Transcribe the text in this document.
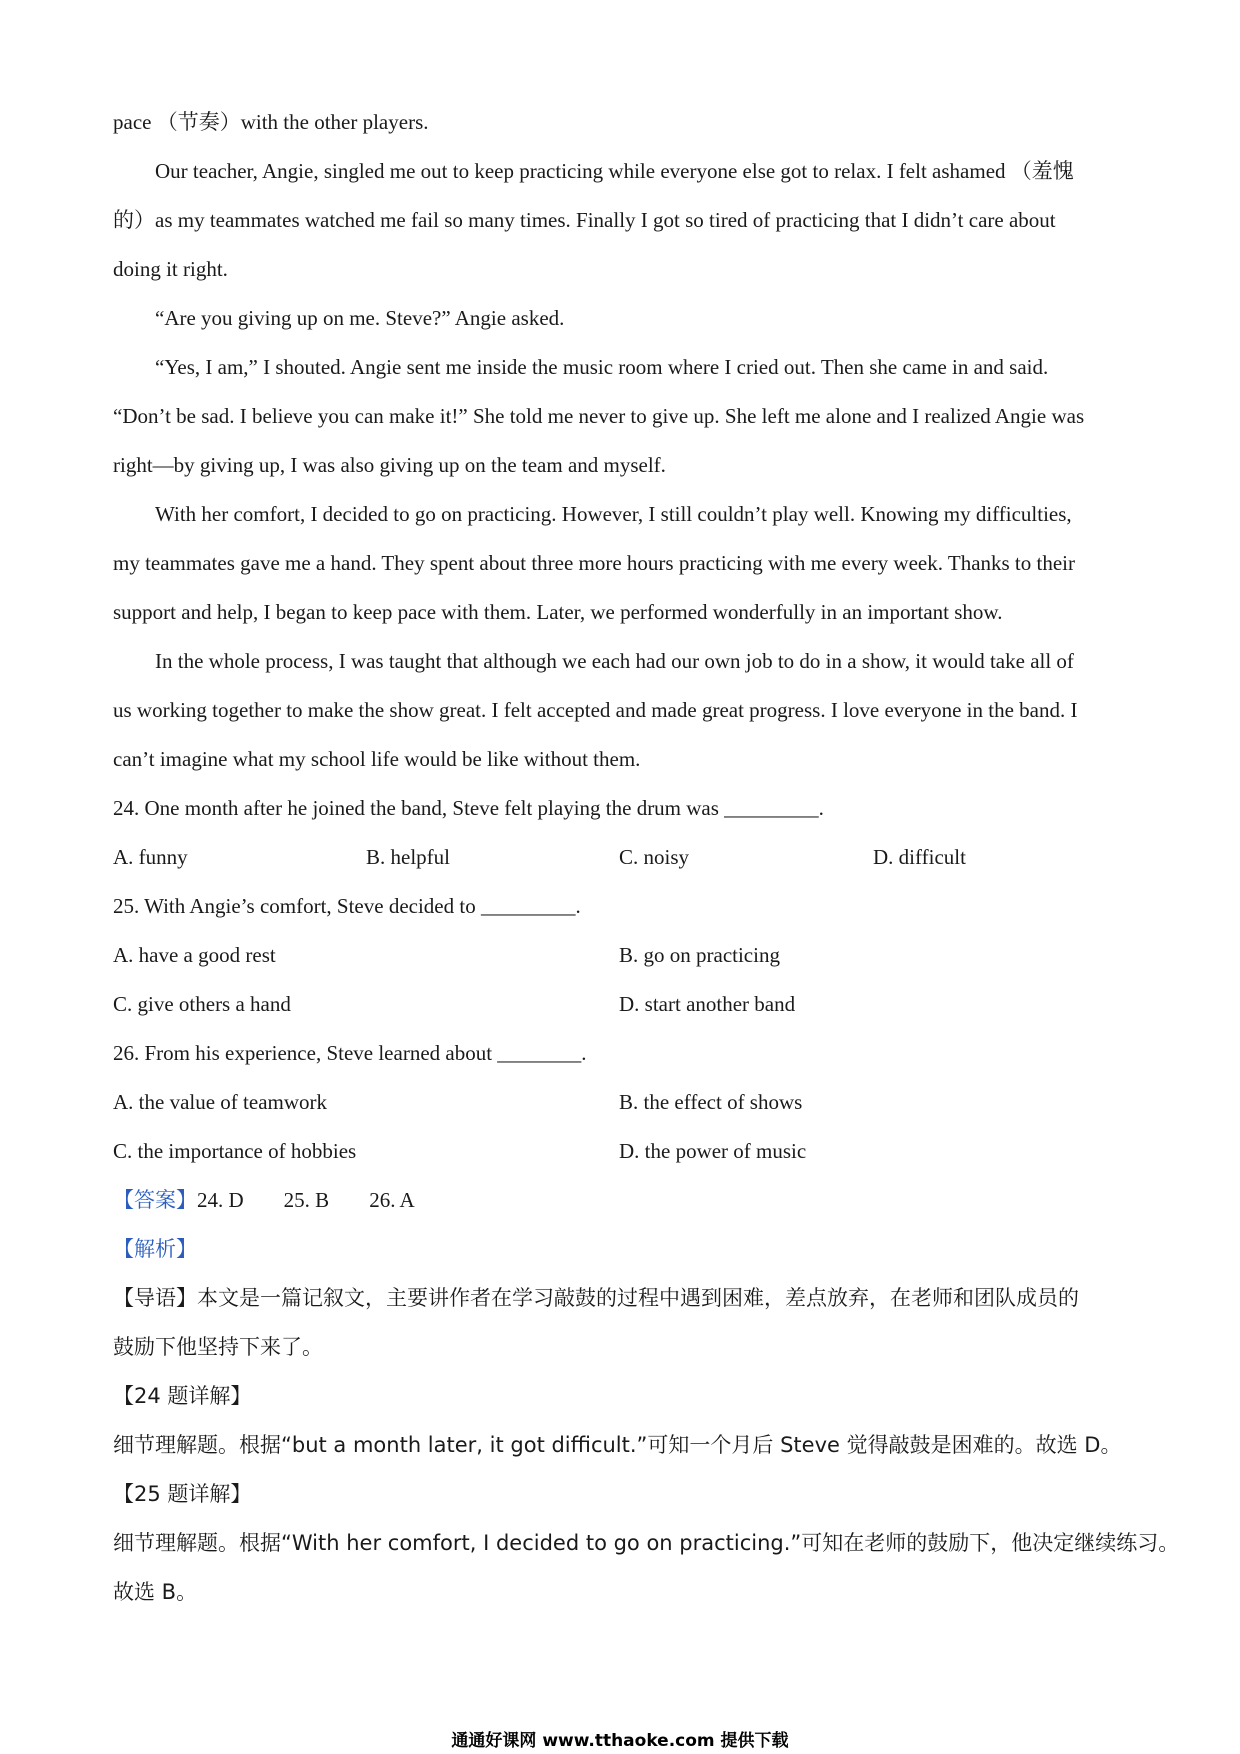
pace （节奏）with the other players.
Our teacher, Angie, singled me out to keep practicing while everyone else got to relax. I felt ashamed （羞愧
的）as my teammates watched me fail so many times. Finally I got so tired of practicing that I didn’t care about
doing it right.
“Are you giving up on me. Steve?” Angie asked.
“Yes, I am,” I shouted. Angie sent me inside the music room where I cried out. Then she came in and said.
“Don’t be sad. I believe you can make it!” She told me never to give up. She left me alone and I realized Angie was
right—by giving up, I was also giving up on the team and myself.
With her comfort, I decided to go on practicing. However, I still couldn’t play well. Knowing my difficulties,
my teammates gave me a hand. They spent about three more hours practicing with me every week. Thanks to their
support and help, I began to keep pace with them. Later, we performed wonderfully in an important show.
In the whole process, I was taught that although we each had our own job to do in a show, it would take all of
us working together to make the show great. I felt accepted and made great progress. I love everyone in the band. I
can’t imagine what my school life would be like without them.
24. One month after he joined the band, Steve felt playing the drum was _________.
A. funny	B. helpful	C. noisy	D. difficult
25. With Angie’s comfort, Steve decided to _________.
A. have a good rest	B. go on practicing
C. give others a hand	D. start another band
26. From his experience, Steve learned about ________.
A. the value of teamwork	B. the effect of shows
C. the importance of hobbies	D. the power of music
【答案】24. D 25. B 26. A
【解析】
【导语】本文是一篇记叙文，主要讲作者在学习敲鼓的过程中遇到困难，差点放弃，在老师和团队成员的
鼓励下他坚持下来了。
【24 题详解】
细节理解题。根据“but a month later, it got difficult.”可知一个月后 Steve 觉得敲鼓是困难的。故选 D。
【25 题详解】
细节理解题。根据“With her comfort, I decided to go on practicing.”可知在老师的鼓励下，他决定继续练习。
故选 B。
通通好课网 www.tthaoke.com 提供下载
